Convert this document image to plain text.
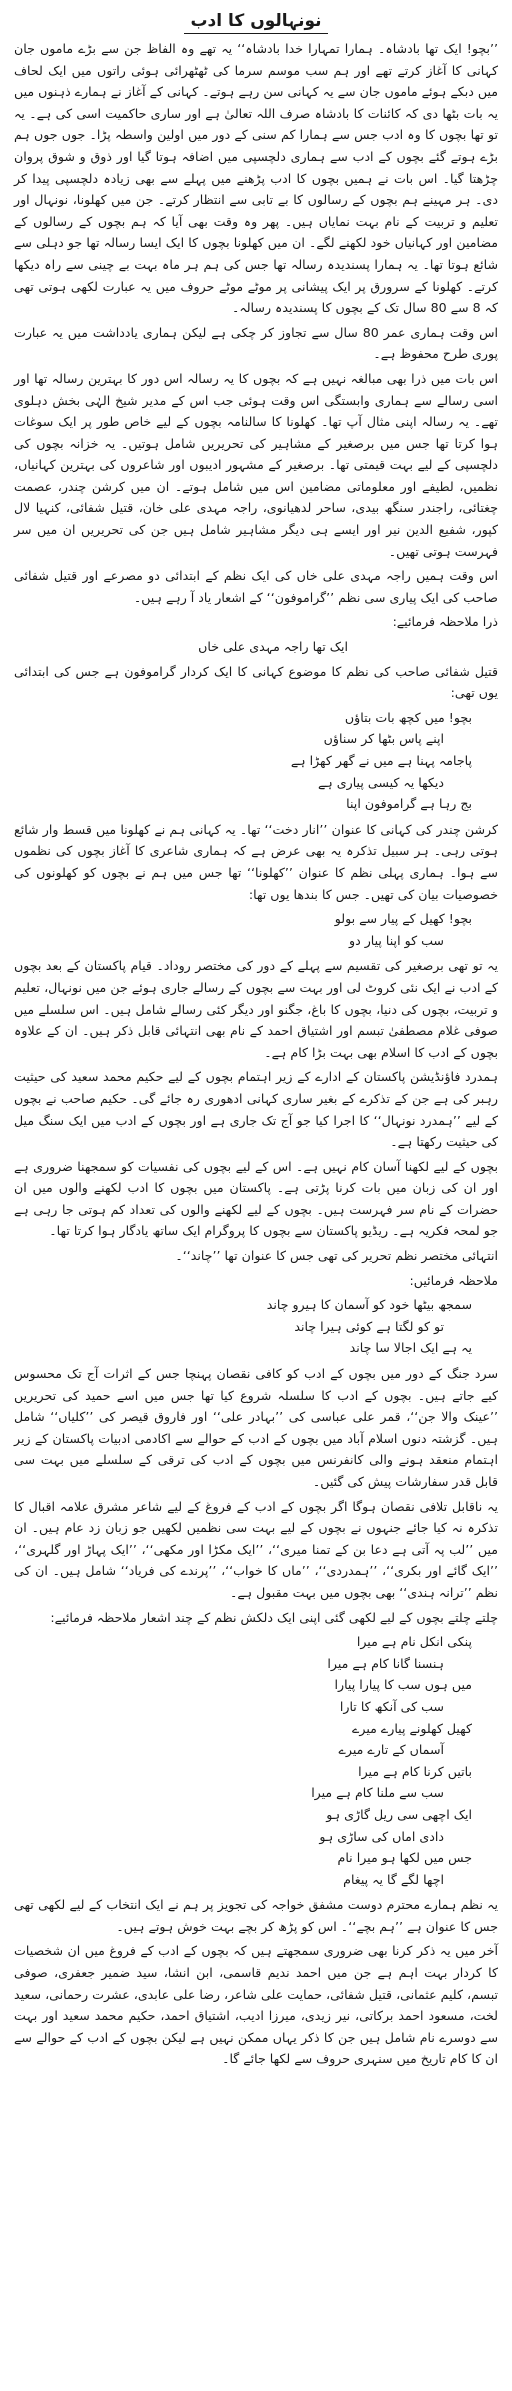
نونہالوں کا ادب
’’بچو! ایک تھا بادشاہ۔ ہمارا تمہارا خدا بادشاہ‘‘ یہ تھے وہ الفاظ جن سے بڑے ماموں جان کہانی کا آغاز کرتے تھے اور ہم سب موسم سرما کی ٹھٹھرائی ہوئی راتوں میں ایک لحاف میں دبکے ہوئے ماموں جان سے یہ کہانی سن رہے ہوتے۔ کہانی کے آغاز نے ہمارے ذہنوں میں یہ بات بٹھا دی کہ کائنات کا بادشاہ صرف اللہ تعالیٰ ہے اور ساری حاکمیت اسی کی ہے۔ یہ تو تھا بچوں کا وہ ادب جس سے ہمارا کم سنی کے دور میں اولین واسطہ پڑا۔ جوں جوں ہم بڑے ہوتے گئے بچوں کے ادب سے ہماری دلچسپی میں اضافہ ہوتا گیا اور ذوق و شوق پروان چڑھتا گیا۔ اس بات نے ہمیں بچوں کا ادب پڑھنے میں پہلے سے بھی زیادہ دلچسپی پیدا کر دی۔ ہر مہینے ہم بچوں کے رسالوں کا بے تابی سے انتظار کرتے۔ جن میں کھلونا، نونہال اور تعلیم و تربیت کے نام بہت نمایاں ہیں۔ پھر وہ وقت بھی آیا کہ ہم بچوں کے رسالوں کے مضامین اور کہانیاں خود لکھنے لگے۔ ان میں کھلونا بچوں کا ایک ایسا رسالہ تھا جو دہلی سے شائع ہوتا تھا۔ یہ ہمارا پسندیدہ رسالہ تھا جس کی ہم ہر ماہ بہت بے چینی سے راہ دیکھا کرتے۔ کھلونا کے سرورق پر ایک پیشانی پر موٹے موٹے حروف میں یہ عبارت لکھی ہوتی تھی کہ 8 سے 80 سال تک کے بچوں کا پسندیدہ رسالہ۔
اس وقت ہماری عمر 80 سال سے تجاوز کر چکی ہے لیکن ہماری یادداشت میں یہ عبارت پوری طرح محفوظ ہے۔
اس بات میں ذرا بھی مبالغہ نہیں ہے کہ بچوں کا یہ رسالہ اس دور کا بہترین رسالہ تھا اور اسی رسالے سے ہماری وابستگی اس وقت ہوئی جب اس کے مدیر شیخ الہٰی بخش دہلوی تھے۔ یہ رسالہ اپنی مثال آپ تھا۔ کھلونا کا سالنامہ بچوں کے لیے خاص طور پر ایک سوغات ہوا کرتا تھا جس میں برصغیر کے مشاہیر کی تحریریں شامل ہوتیں۔ یہ خزانہ بچوں کی دلچسپی کے لیے بہت قیمتی تھا۔ برصغیر کے مشہور ادیبوں اور شاعروں کی بہترین کہانیاں، نظمیں، لطیفے اور معلوماتی مضامین اس میں شامل ہوتے۔ ان میں کرشن چندر، عصمت چغتائی، راجندر سنگھ بیدی، ساحر لدھیانوی، راجہ مہدی علی خان، قتیل شفائی، کنہیا لال کپور، شفیع الدین نیر اور ایسے ہی دیگر مشاہیر شامل ہیں جن کی تحریریں ان میں سر فہرست ہوتی تھیں۔
اس وقت ہمیں راجہ مہدی علی خاں کی ایک نظم کے ابتدائی دو مصرعے اور قتیل شفائی صاحب کی ایک پیاری سی نظم ’’گراموفون‘‘ کے اشعار یاد آ رہے ہیں۔
ذرا ملاحظہ فرمائیے:
ایک تھا راجہ مہدی علی خاں
قتیل شفائی صاحب کی نظم کا موضوع کہانی کا ایک کردار گراموفون ہے جس کی ابتدائی یوں تھی:
بچو! میں کچھ بات بتاؤں
اپنے پاس بٹھا کر سناؤں
پاجامہ پہنا ہے میں نے گھر کھڑا ہے
دیکھا یہ کیسی پیاری ہے
بج رہا ہے گراموفون اپنا
کرشن چندر کی کہانی کا عنوان ’’انار دخت‘‘ تھا۔ یہ کہانی ہم نے کھلونا میں قسط وار شائع ہوتی رہی۔ ہر سبیل تذکرہ یہ بھی عرض ہے کہ ہماری شاعری کا آغاز بچوں کی نظموں سے ہوا۔ ہماری پہلی نظم کا عنوان ’’کھلونا‘‘ تھا جس میں ہم نے بچوں کو کھلونوں کی خصوصیات بیان کی تھیں۔ جس کا بندھا یوں تھا:
بچو! کھیل کے پیار سے بولو
سب کو اپنا پیار دو
یہ تو تھی برصغیر کی تقسیم سے پہلے کے دور کی مختصر روداد۔ قیام پاکستان کے بعد بچوں کے ادب نے ایک نئی کروٹ لی اور بہت سے بچوں کے رسالے جاری ہوئے جن میں نونہال، تعلیم و تربیت، بچوں کی دنیا، بچوں کا باغ، جگنو اور دیگر کئی رسالے شامل ہیں۔ اس سلسلے میں صوفی غلام مصطفیٰ تبسم اور اشتیاق احمد کے نام بھی انتہائی قابل ذکر ہیں۔ ان کے علاوہ بچوں کے ادب کا اسلام بھی بہت بڑا کام ہے۔
ہمدرد فاؤنڈیشن پاکستان کے ادارے کے زیر اہتمام بچوں کے لیے حکیم محمد سعید کی حیثیت رہبر کی ہے جن کے تذکرے کے بغیر ساری کہانی ادھوری رہ جائے گی۔ حکیم صاحب نے بچوں کے لیے ’’ہمدرد نونہال‘‘ کا اجرا کیا جو آج تک جاری ہے اور بچوں کے ادب میں ایک سنگ میل کی حیثیت رکھتا ہے۔
بچوں کے لیے لکھنا آسان کام نہیں ہے۔ اس کے لیے بچوں کی نفسیات کو سمجھنا ضروری ہے اور ان کی زبان میں بات کرنا پڑتی ہے۔ پاکستان میں بچوں کا ادب لکھنے والوں میں ان حضرات کے نام سر فہرست ہیں۔ بچوں کے لیے لکھنے والوں کی تعداد کم ہوتی جا رہی ہے جو لمحہ فکریہ ہے۔ ریڈیو پاکستان سے بچوں کا پروگرام ایک ساتھ یادگار ہوا کرتا تھا۔
انتہائی مختصر نظم تحریر کی تھی جس کا عنوان تھا ’’چاند‘‘۔
ملاحظہ فرمائیں:
سمجھ بیٹھا خود کو آسمان کا ہیرو چاند
تو کو لگتا ہے کوئی ہیرا چاند
یہ ہے ایک اجالا سا چاند
سرد جنگ کے دور میں بچوں کے ادب کو کافی نقصان پہنچا جس کے اثرات آج تک محسوس کیے جاتے ہیں۔ بچوں کے ادب کا سلسلہ شروع کیا تھا جس میں اسے حمید کی تحریریں ’’عینک والا جن‘‘، قمر علی عباسی کی ’’بہادر علی‘‘ اور فاروق قیصر کی ’’کلیاں‘‘ شامل ہیں۔ گزشتہ دنوں اسلام آباد میں بچوں کے ادب کے حوالے سے اکادمی ادبیات پاکستان کے زیر اہتمام منعقد ہونے والی کانفرنس میں بچوں کے ادب کی ترقی کے سلسلے میں بہت سی قابل قدر سفارشات پیش کی گئیں۔
یہ ناقابل تلافی نقصان ہوگا اگر بچوں کے ادب کے فروغ کے لیے شاعر مشرق علامہ اقبال کا تذکرہ نہ کیا جائے جنہوں نے بچوں کے لیے بہت سی نظمیں لکھیں جو زبان زد عام ہیں۔ ان میں ’’لب پہ آتی ہے دعا بن کے تمنا میری‘‘، ’’ایک مکڑا اور مکھی‘‘، ’’ایک پہاڑ اور گلہری‘‘، ’’ایک گائے اور بکری‘‘، ’’ہمدردی‘‘، ’’ماں کا خواب‘‘، ’’پرندے کی فریاد‘‘ شامل ہیں۔ ان کی نظم ’’ترانہ ہندی‘‘ بھی بچوں میں بہت مقبول ہے۔
چلتے چلتے بچوں کے لیے لکھی گئی اپنی ایک دلکش نظم کے چند اشعار ملاحظہ فرمائیے:
پنکی انکل نام ہے میرا
ہنسنا گانا کام ہے میرا
میں ہوں سب کا پیارا پیارا
سب کی آنکھ کا تارا
کھیل کھلونے پیارے میرے
آسماں کے تارے میرے
باتیں کرنا کام ہے میرا
سب سے ملنا کام ہے میرا
ایک اچھی سی ریل گاڑی ہو
دادی اماں کی ساڑی ہو
جس میں لکھا ہو میرا نام
اچھا لگے گا یہ پیغام
یہ نظم ہمارے محترم دوست مشفق خواجہ کی تجویز پر ہم نے ایک انتخاب کے لیے لکھی تھی جس کا عنوان ہے ’’ہم بچے‘‘۔ اس کو پڑھ کر بچے بہت خوش ہوتے ہیں۔
آخر میں یہ ذکر کرنا بھی ضروری سمجھتے ہیں کہ بچوں کے ادب کے فروغ میں ان شخصیات کا کردار بہت اہم ہے جن میں احمد ندیم قاسمی، ابن انشا، سید ضمیر جعفری، صوفی تبسم، کلیم عثمانی، قتیل شفائی، حمایت علی شاعر، رضا علی عابدی، عشرت رحمانی، سعید لخت، مسعود احمد برکاتی، نیر زیدی، میرزا ادیب، اشتیاق احمد، حکیم محمد سعید اور بہت سے دوسرے نام شامل ہیں جن کا ذکر یہاں ممکن نہیں ہے لیکن بچوں کے ادب کے حوالے سے ان کا کام تاریخ میں سنہری حروف سے لکھا جائے گا۔
